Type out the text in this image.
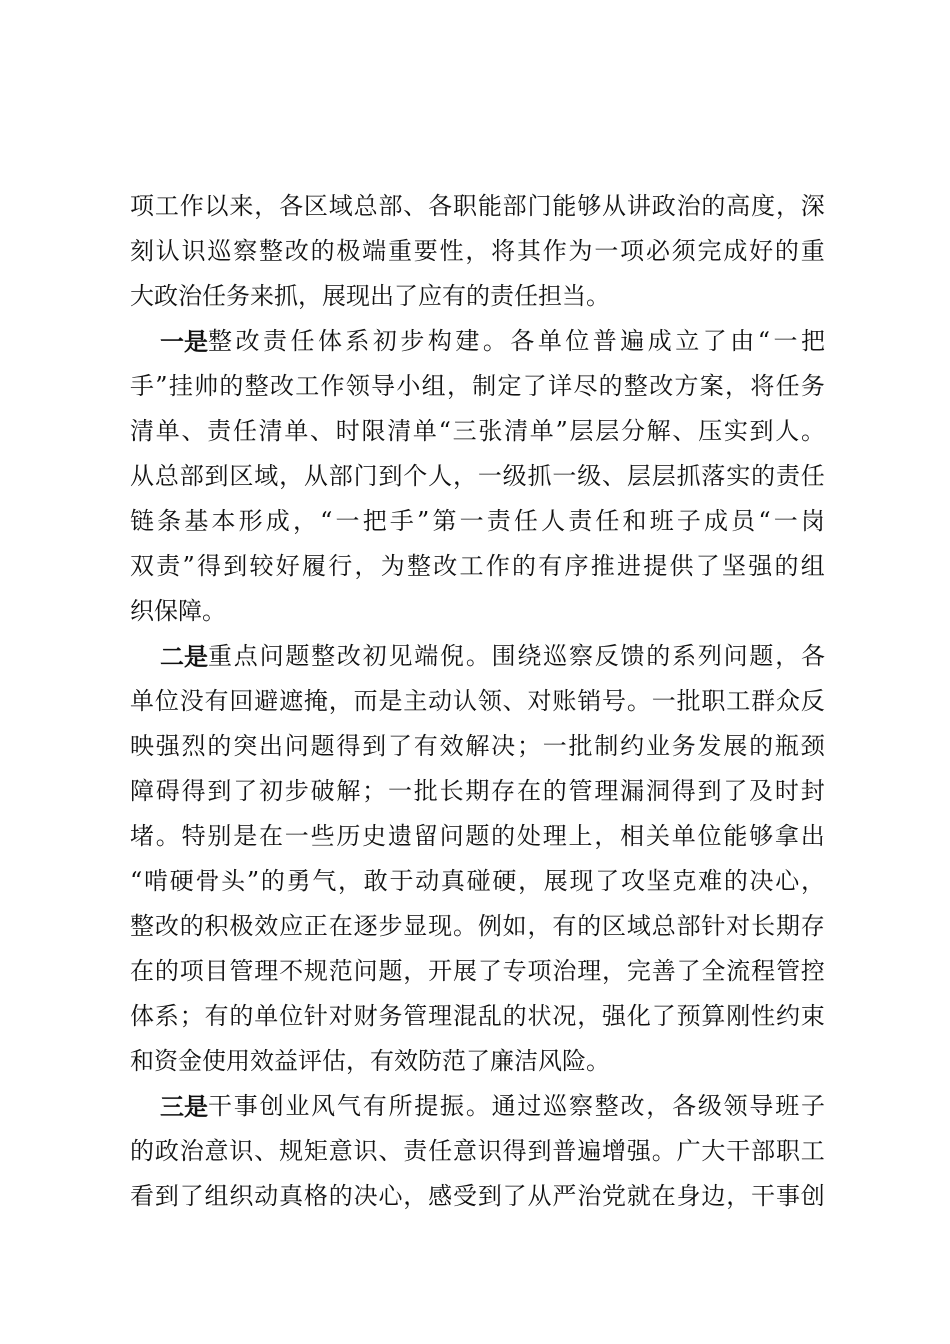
项 工 作 以 来 ， 各 区 域 总 部 、 各 职 能 部 门 能 够 从 讲 政 治 的 高 度 ， 深
刻 认 识 巡 察 整 改 的 极 端 重 要 性 ， 将 其 作 为 一 项 必 须 完 成 好 的 重
大政治任务来抓，展现出了应有的责任担当。
一是 整 改 责 任 体 系 初 步 构 建 。 各 单 位 普 遍 成 立 了 由 “ 一 把
手 ” 挂 帅 的 整 改 工 作 领 导 小 组 ， 制 定 了 详 尽 的 整 改 方 案 ， 将 任 务
清 单 、 责 任 清 单 、 时 限 清 单 “ 三 张 清 单 ” 层 层 分 解 、 压 实 到 人 。
从 总 部 到 区 域 ， 从 部 门 到 个 人 ， 一 级 抓 一 级 、 层 层 抓 落 实 的 责 任
链 条 基 本 形 成 ， “ 一 把 手 ” 第 一 责 任 人 责 任 和 班 子 成 员 “ 一 岗
双 责 ” 得 到 较 好 履 行 ， 为 整 改 工 作 的 有 序 推 进 提 供 了 坚 强 的 组
织保障。
二是 重 点 问 题 整 改 初 见 端 倪 。 围 绕 巡 察 反 馈 的 系 列 问 题 ， 各
单 位 没 有 回 避 遮 掩 ， 而 是 主 动 认 领 、 对 账 销 号 。 一 批 职 工 群 众 反
映 强 烈 的 突 出 问 题 得 到 了 有 效 解 决 ； 一 批 制 约 业 务 发 展 的 瓶 颈
障 碍 得 到 了 初 步 破 解 ； 一 批 长 期 存 在 的 管 理 漏 洞 得 到 了 及 时 封
堵 。 特 别 是 在 一 些 历 史 遗 留 问 题 的 处 理 上 ， 相 关 单 位 能 够 拿 出
“ 啃 硬 骨 头 ” 的 勇 气 ， 敢 于 动 真 碰 硬 ， 展 现 了 攻 坚 克 难 的 决 心 ，
整 改 的 积 极 效 应 正 在 逐 步 显 现 。 例 如 ， 有 的 区 域 总 部 针 对 长 期 存
在 的 项 目 管 理 不 规 范 问 题 ， 开 展 了 专 项 治 理 ， 完 善 了 全 流 程 管 控
体 系 ； 有 的 单 位 针 对 财 务 管 理 混 乱 的 状 况 ， 强 化 了 预 算 刚 性 约 束
和资金使用效益评估，有效防范了廉洁风险。
三是 干 事 创 业 风 气 有 所 提 振 。 通 过 巡 察 整 改 ， 各 级 领 导 班 子
的 政 治 意 识 、 规 矩 意 识 、 责 任 意 识 得 到 普 遍 增 强 。 广 大 干 部 职 工
看 到 了 组 织 动 真 格 的 决 心 ， 感 受 到 了 从 严 治 党 就 在 身 边 ， 干 事 创
